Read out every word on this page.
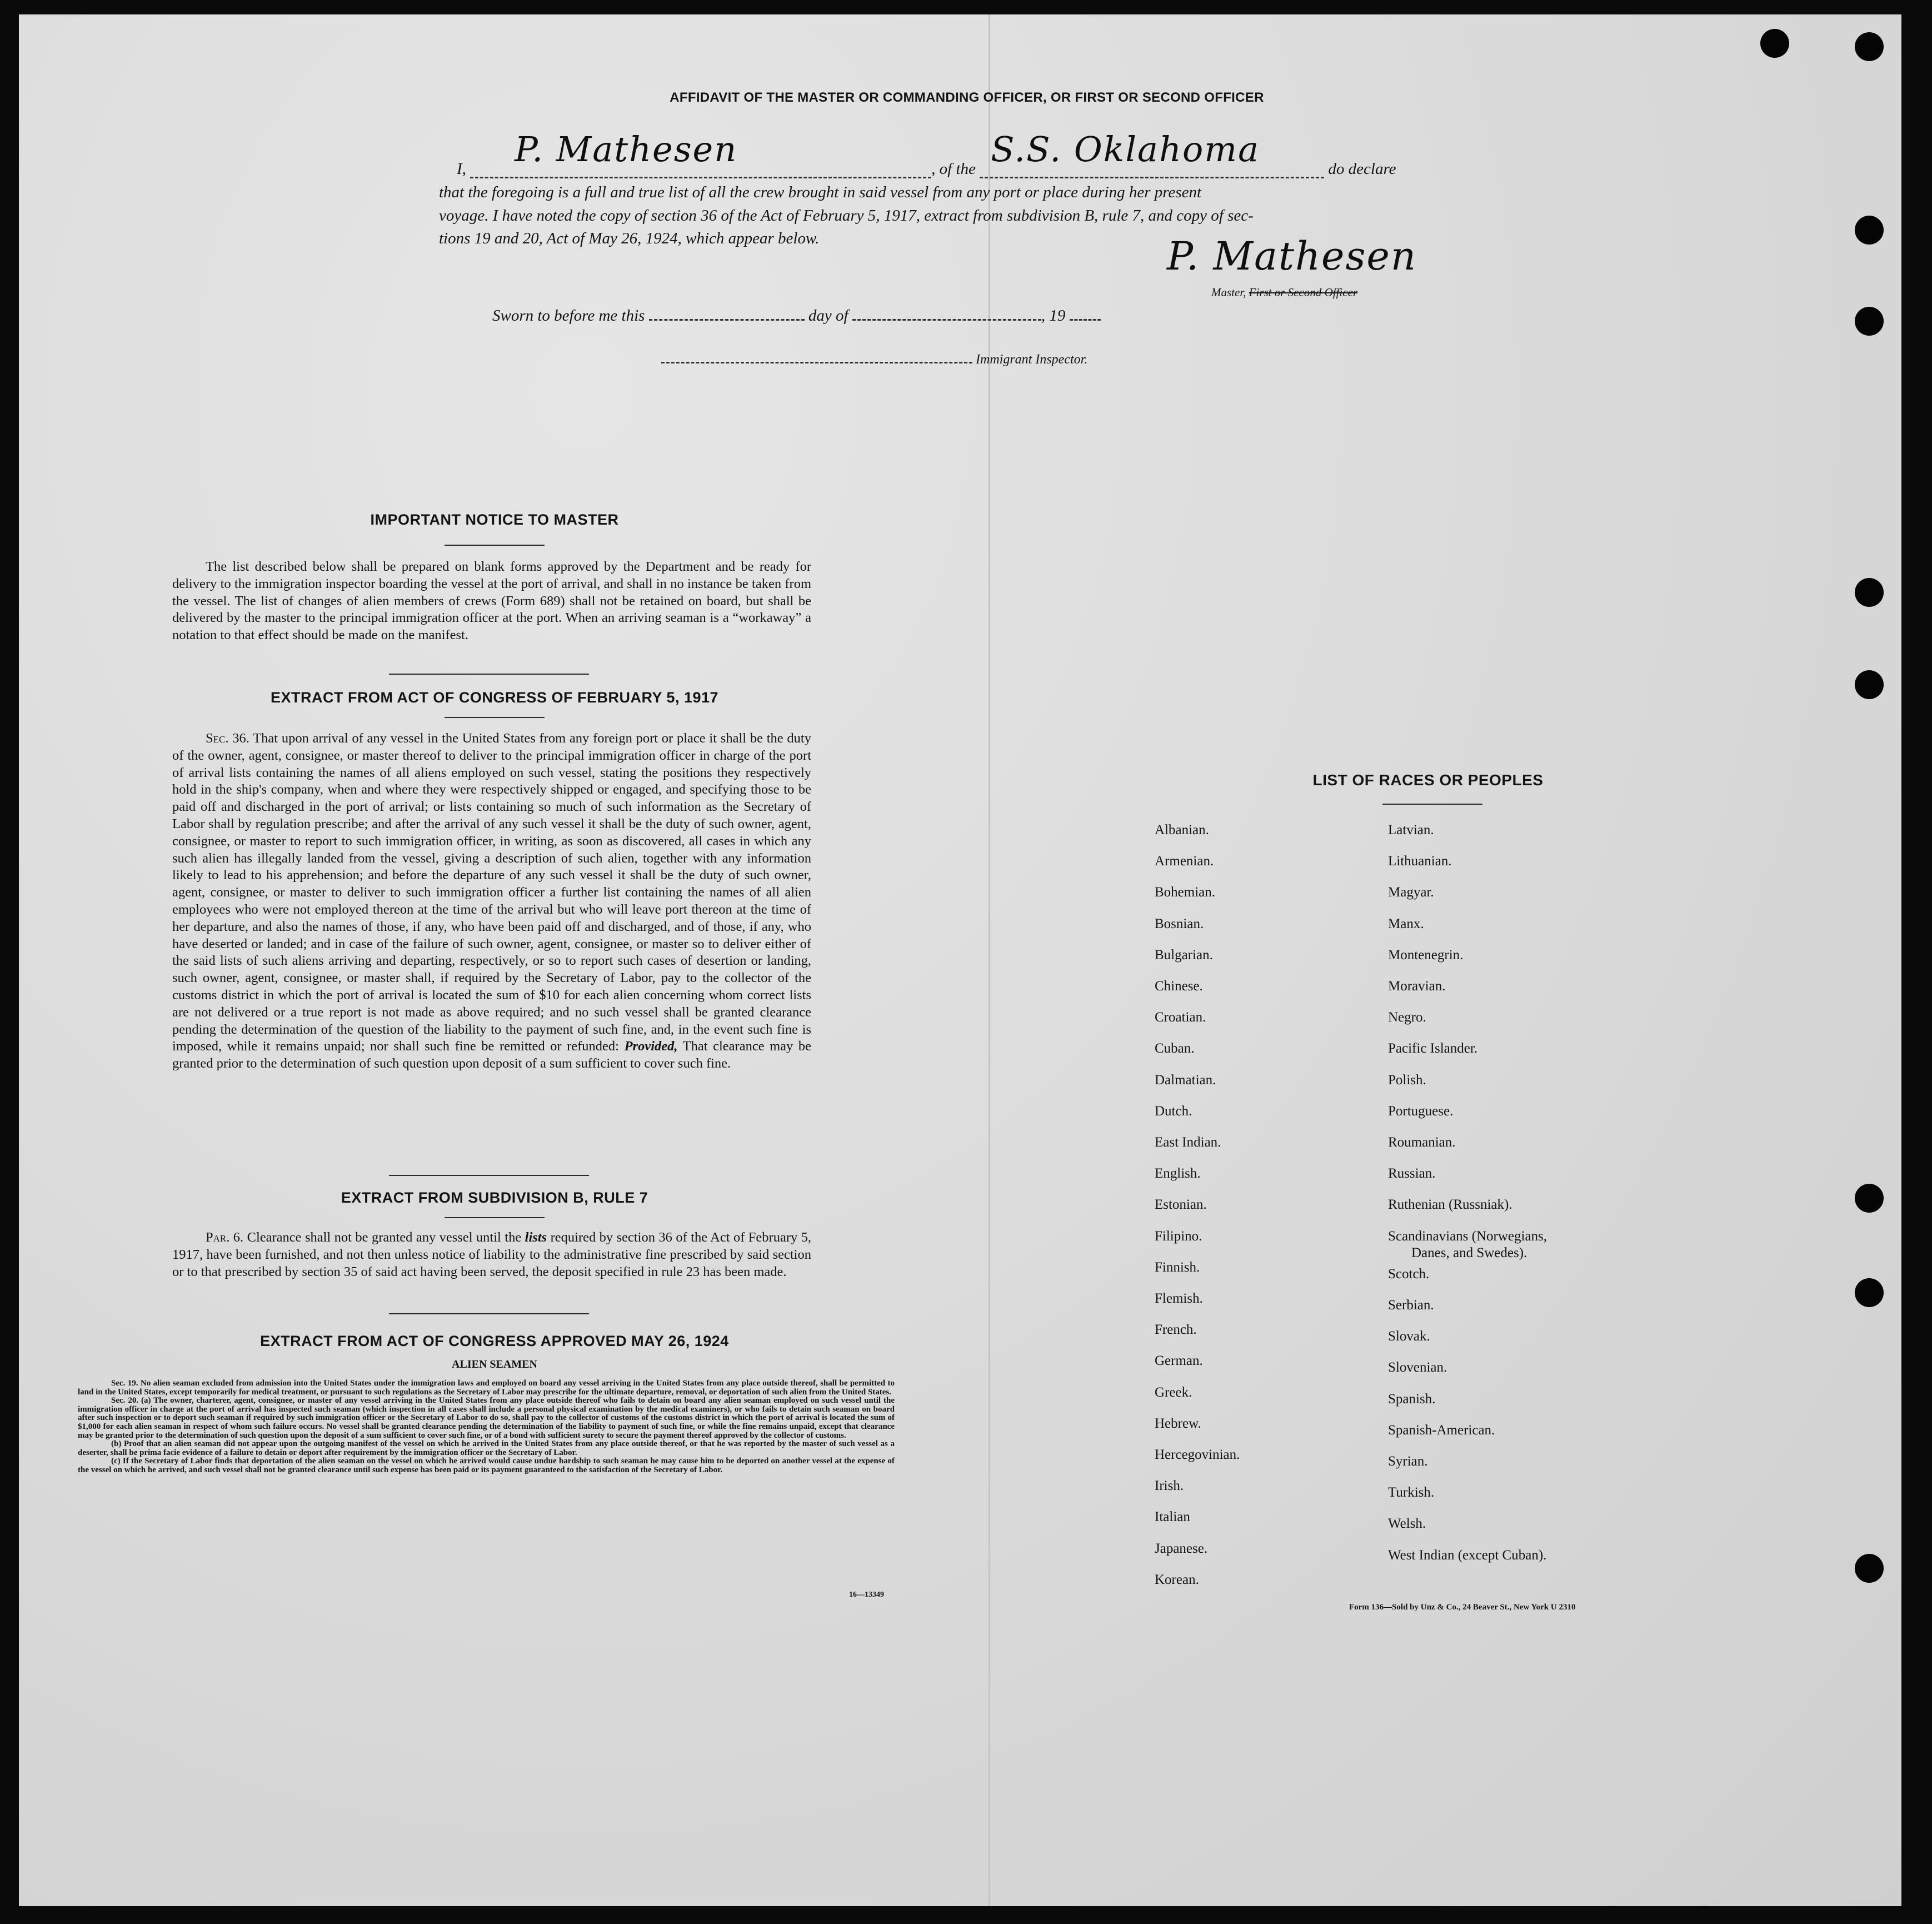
AFFIDAVIT OF THE MASTER OR COMMANDING OFFICER, OR FIRST OR SECOND OFFICER
I, P. Mathesen	, of the S.S. Oklahoma	do declare
that the foregoing is a full and true list of all the crew brought in said vessel from any port or place during her present
voyage. I have noted the copy of section 36 of the Act of February 5, 1917, extract from subdivision B, rule 7, and copy of sec-
tions 19 and 20, Act of May 26, 1924, which appear below.	P. Mathesen
Master, First or Second Officer
Sworn to before me this	day of	, 19
Immigrant Inspector.
IMPORTANT NOTICE TO MASTER
The list described below shall be prepared on blank forms approved by the Department and be ready for delivery to the immigration inspector boarding the vessel at the port of arrival, and shall in no instance be taken from the vessel. The list of changes of alien members of crews (Form 689) shall not be retained on board, but shall be delivered by the master to the principal immigration officer at the port. When an arriving seaman is a “workaway” a notation to that effect should be made on the manifest.
EXTRACT FROM ACT OF CONGRESS OF FEBRUARY 5, 1917
Sec. 36. That upon arrival of any vessel in the United States from any foreign port or place it shall be the duty of the owner, agent, consignee, or master thereof to deliver to the principal immigration officer in charge of the port of arrival lists containing the names of all aliens employed on such vessel, stating the positions they respectively hold in the ship's company, when and where they were respectively shipped or engaged, and specifying those to be paid off and discharged in the port of arrival; or lists containing so much of such information as the Secretary of Labor shall by regulation prescribe; and after the arrival of any such vessel it shall be the duty of such owner, agent, consignee, or master to report to such immigration officer, in writing, as soon as discovered, all cases in which any such alien has illegally landed from the vessel, giving a description of such alien, together with any information likely to lead to his apprehension; and before the departure of any such vessel it shall be the duty of such owner, agent, consignee, or master to deliver to such immigration officer a further list containing the names of all alien employees who were not employed thereon at the time of the arrival but who will leave port thereon at the time of her departure, and also the names of those, if any, who have been paid off and discharged, and of those, if any, who have deserted or landed; and in case of the failure of such owner, agent, consignee, or master so to deliver either of the said lists of such aliens arriving and departing, respectively, or so to report such cases of desertion or landing, such owner, agent, consignee, or master shall, if required by the Secretary of Labor, pay to the collector of the customs district in which the port of arrival is located the sum of $10 for each alien concerning whom correct lists are not delivered or a true report is not made as above required; and no such vessel shall be granted clearance pending the determination of the question of the liability to the payment of such fine, and, in the event such fine is imposed, while it remains unpaid; nor shall such fine be remitted or refunded: Provided, That clearance may be granted prior to the determination of such question upon deposit of a sum sufficient to cover such fine.
EXTRACT FROM SUBDIVISION B, RULE 7
Par. 6. Clearance shall not be granted any vessel until the lists required by section 36 of the Act of February 5, 1917, have been furnished, and not then unless notice of liability to the administrative fine prescribed by said section or to that prescribed by section 35 of said act having been served, the deposit specified in rule 23 has been made.
EXTRACT FROM ACT OF CONGRESS APPROVED MAY 26, 1924
ALIEN SEAMEN
Sec. 19. No alien seaman excluded from admission into the United States under the immigration laws and employed on board any vessel arriving in the United States from any place outside thereof, shall be permitted to land in the United States, except temporarily for medical treatment, or pursuant to such regulations as the Secretary of Labor may prescribe for the ultimate departure, removal, or deportation of such alien from the United States.
Sec. 20. (a) The owner, charterer, agent, consignee, or master of any vessel arriving in the United States from any place outside thereof who fails to detain on board any alien seaman employed on such vessel until the immigration officer in charge at the port of arrival has inspected such seaman (which inspection in all cases shall include a personal physical examination by the medical examiners), or who fails to detain such seaman on board after such inspection or to deport such seaman if required by such immigration officer or the Secretary of Labor to do so, shall pay to the collector of customs of the customs district in which the port of arrival is located the sum of $1,000 for each alien seaman in respect of whom such failure occurs. No vessel shall be granted clearance pending the determination of the liability to payment of such fine, or while the fine remains unpaid, except that clearance may be granted prior to the determination of such question upon the deposit of a sum sufficient to cover such fine, or of a bond with sufficient surety to secure the payment thereof approved by the collector of customs.
(b) Proof that an alien seaman did not appear upon the outgoing manifest of the vessel on which he arrived in the United States from any place outside thereof, or that he was reported by the master of such vessel as a deserter, shall be prima facie evidence of a failure to detain or deport after requirement by the immigration officer or the Secretary of Labor.
(c) If the Secretary of Labor finds that deportation of the alien seaman on the vessel on which he arrived would cause undue hardship to such seaman he may cause him to be deported on another vessel at the expense of the vessel on which he arrived, and such vessel shall not be granted clearance until such expense has been paid or its payment guaranteed to the satisfaction of the Secretary of Labor.
16—13349
LIST OF RACES OR PEOPLES
Albanian.
Armenian.
Bohemian.
Bosnian.
Bulgarian.
Chinese.
Croatian.
Cuban.
Dalmatian.
Dutch.
East Indian.
English.
Estonian.
Filipino.
Finnish.
Flemish.
French.
German.
Greek.
Hebrew.
Hercegovinian.
Irish.
Italian
Japanese.
Korean.
Latvian.
Lithuanian.
Magyar.
Manx.
Montenegrin.
Moravian.
Negro.
Pacific Islander.
Polish.
Portuguese.
Roumanian.
Russian.
Ruthenian (Russniak).
Scandinavians (Norwegians,
Danes, and Swedes).
Scotch.
Serbian.
Slovak.
Slovenian.
Spanish.
Spanish-American.
Syrian.
Turkish.
Welsh.
West Indian (except Cuban).
Form 136—Sold by Unz & Co., 24 Beaver St., New York U 2310
